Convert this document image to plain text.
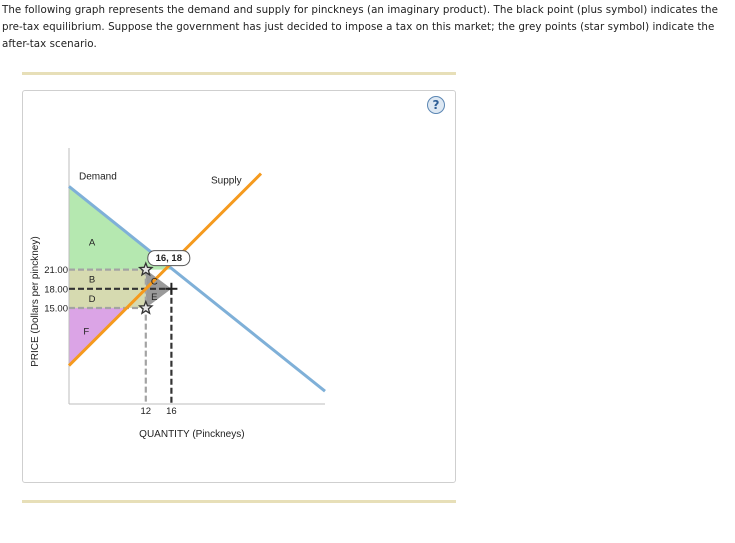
The following graph represents the demand and supply for pinckneys (an imaginary product). The black point (plus symbol) indicates the pre-tax equilibrium. Suppose the government has just decided to impose a tax on this market; the grey points (star symbol) indicate the after-tax scenario.
?
Demand	Supply
21.00
18.00
15.00
12 16
QUANTITY (Pinckneys)
PRICE (Dollars per pinckney)	A
B	C
D	E
F
16, 18
